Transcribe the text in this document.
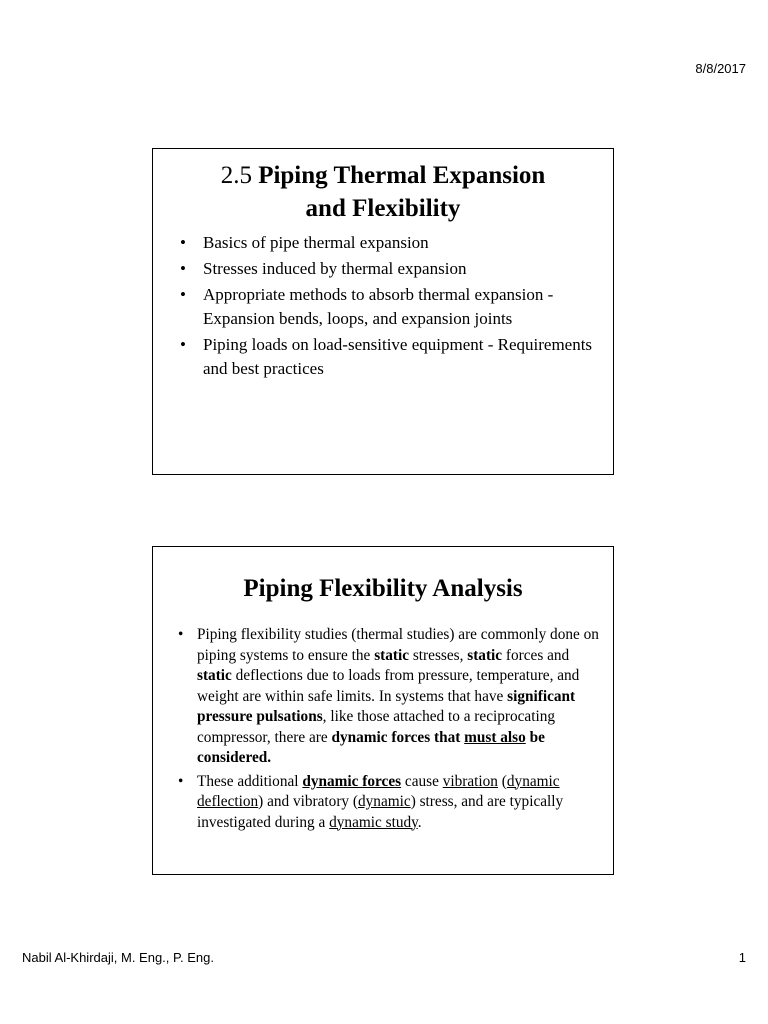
8/8/2017
2.5 Piping Thermal Expansion
and Flexibility
• Basics of pipe thermal expansion
• Stresses induced by thermal expansion
• Appropriate methods to absorb thermal expansion - Expansion bends, loops, and expansion joints
• Piping loads on load-sensitive equipment - Requirements and best practices
Piping Flexibility Analysis
• Piping flexibility studies (thermal studies) are commonly done on piping systems to ensure the static stresses, static forces and static deflections due to loads from pressure, temperature, and weight are within safe limits. In systems that have significant pressure pulsations, like those attached to a reciprocating compressor, there are dynamic forces that must also be considered.
• These additional dynamic forces cause vibration (dynamic deflection) and vibratory (dynamic) stress, and are typically investigated during a dynamic study.
Nabil Al-Khirdaji, M. Eng., P. Eng.	1
